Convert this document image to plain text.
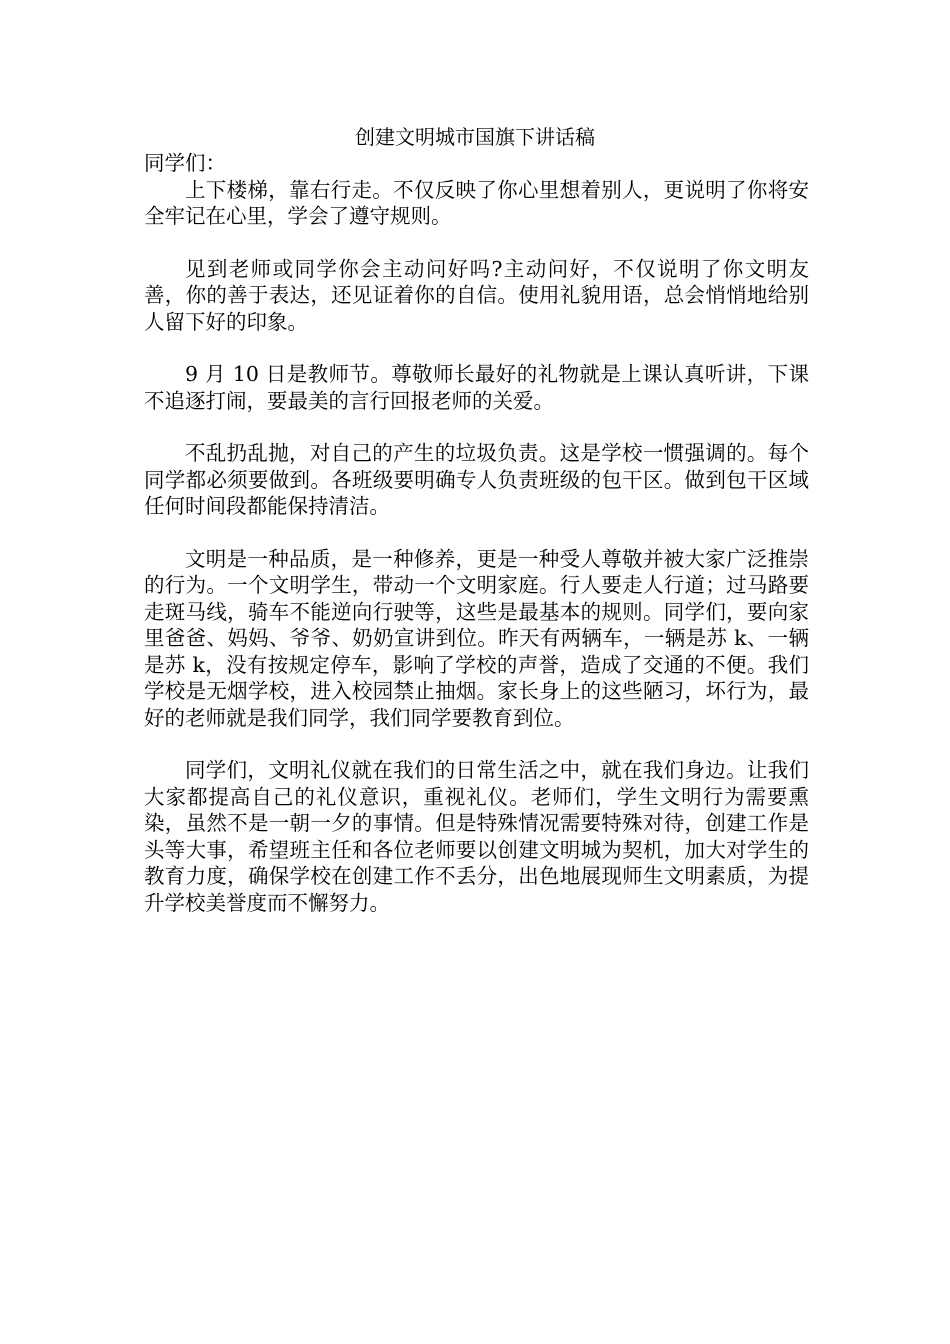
创建文明城市国旗下讲话稿

同学们：

上下楼梯，靠右行走。不仅反映了你心里想着别人，更说明了你将安全牢记在心里，学会了遵守规则。

见到老师或同学你会主动问好吗?主动问好，不仅说明了你文明友善，你的善于表达，还见证着你的自信。使用礼貌用语，总会悄悄地给别人留下好的印象。

9 月 10 日是教师节。尊敬师长最好的礼物就是上课认真听讲，下课不追逐打闹，要最美的言行回报老师的关爱。

不乱扔乱抛，对自己的产生的垃圾负责。这是学校一惯强调的。每个同学都必须要做到。各班级要明确专人负责班级的包干区。做到包干区域任何时间段都能保持清洁。

文明是一种品质，是一种修养，更是一种受人尊敬并被大家广泛推崇的行为。一个文明学生，带动一个文明家庭。行人要走人行道；过马路要走斑马线，骑车不能逆向行驶等，这些是最基本的规则。同学们，要向家里爸爸、妈妈、爷爷、奶奶宣讲到位。昨天有两辆车，一辆是苏 k、一辆是苏 k，没有按规定停车，影响了学校的声誉，造成了交通的不便。我们学校是无烟学校，进入校园禁止抽烟。家长身上的这些陋习，坏行为，最好的老师就是我们同学，我们同学要教育到位。

同学们，文明礼仪就在我们的日常生活之中，就在我们身边。让我们大家都提高自己的礼仪意识，重视礼仪。老师们，学生文明行为需要熏染，虽然不是一朝一夕的事情。但是特殊情况需要特殊对待，创建工作是头等大事，希望班主任和各位老师要以创建文明城为契机，加大对学生的教育力度，确保学校在创建工作不丢分，出色地展现师生文明素质，为提升学校美誉度而不懈努力。
